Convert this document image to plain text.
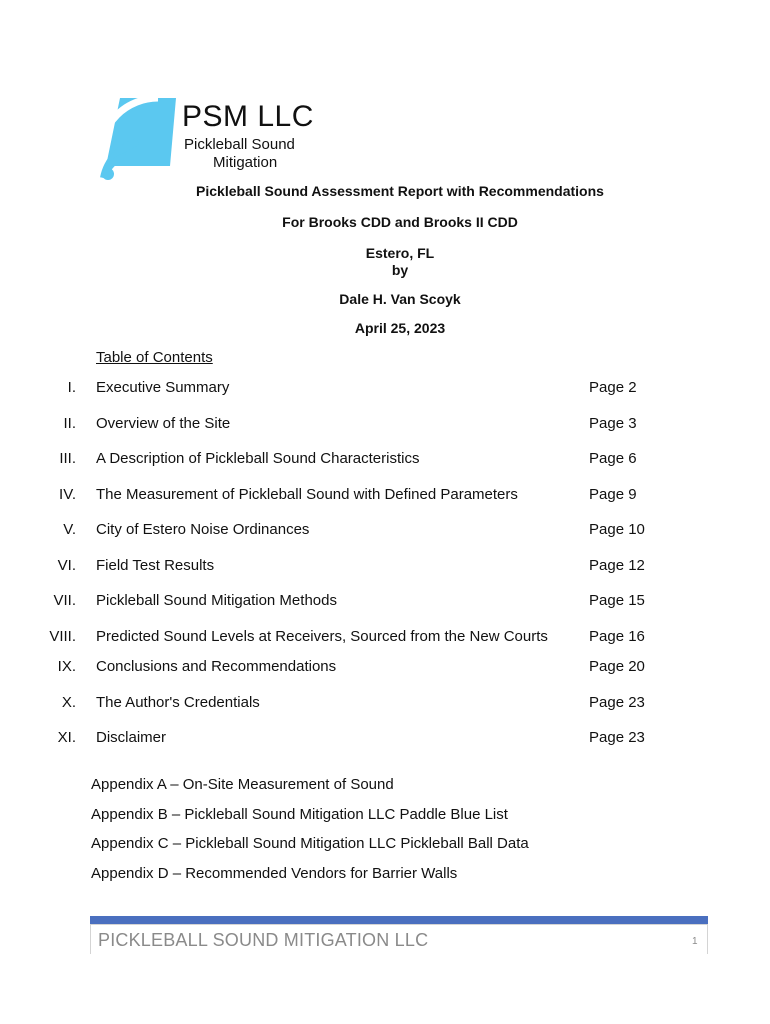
PSM LLC
Pickleball Sound
Mitigation
Pickleball Sound Assessment Report with Recommendations
For Brooks CDD and Brooks II CDD
Estero, FL
by
Dale H. Van Scoyk
April 25, 2023
Table of Contents
I. Executive Summary	Page 2
II. Overview of the Site	Page 3
III. A Description of Pickleball Sound Characteristics	Page 6
IV. The Measurement of Pickleball Sound with Defined Parameters	Page 9
V. City of Estero Noise Ordinances	Page 10
VI. Field Test Results	Page 12
VII. Pickleball Sound Mitigation Methods	Page 15
VIII. Predicted Sound Levels at Receivers, Sourced from the New Courts	Page 16
IX. Conclusions and Recommendations	Page 20
X. The Author's Credentials	Page 23
XI. Disclaimer	Page 23
Appendix A – On-Site Measurement of Sound
Appendix B – Pickleball Sound Mitigation LLC Paddle Blue List
Appendix C – Pickleball Sound Mitigation LLC Pickleball Ball Data
Appendix D – Recommended Vendors for Barrier Walls
PICKLEBALL SOUND MITIGATION LLC	1
